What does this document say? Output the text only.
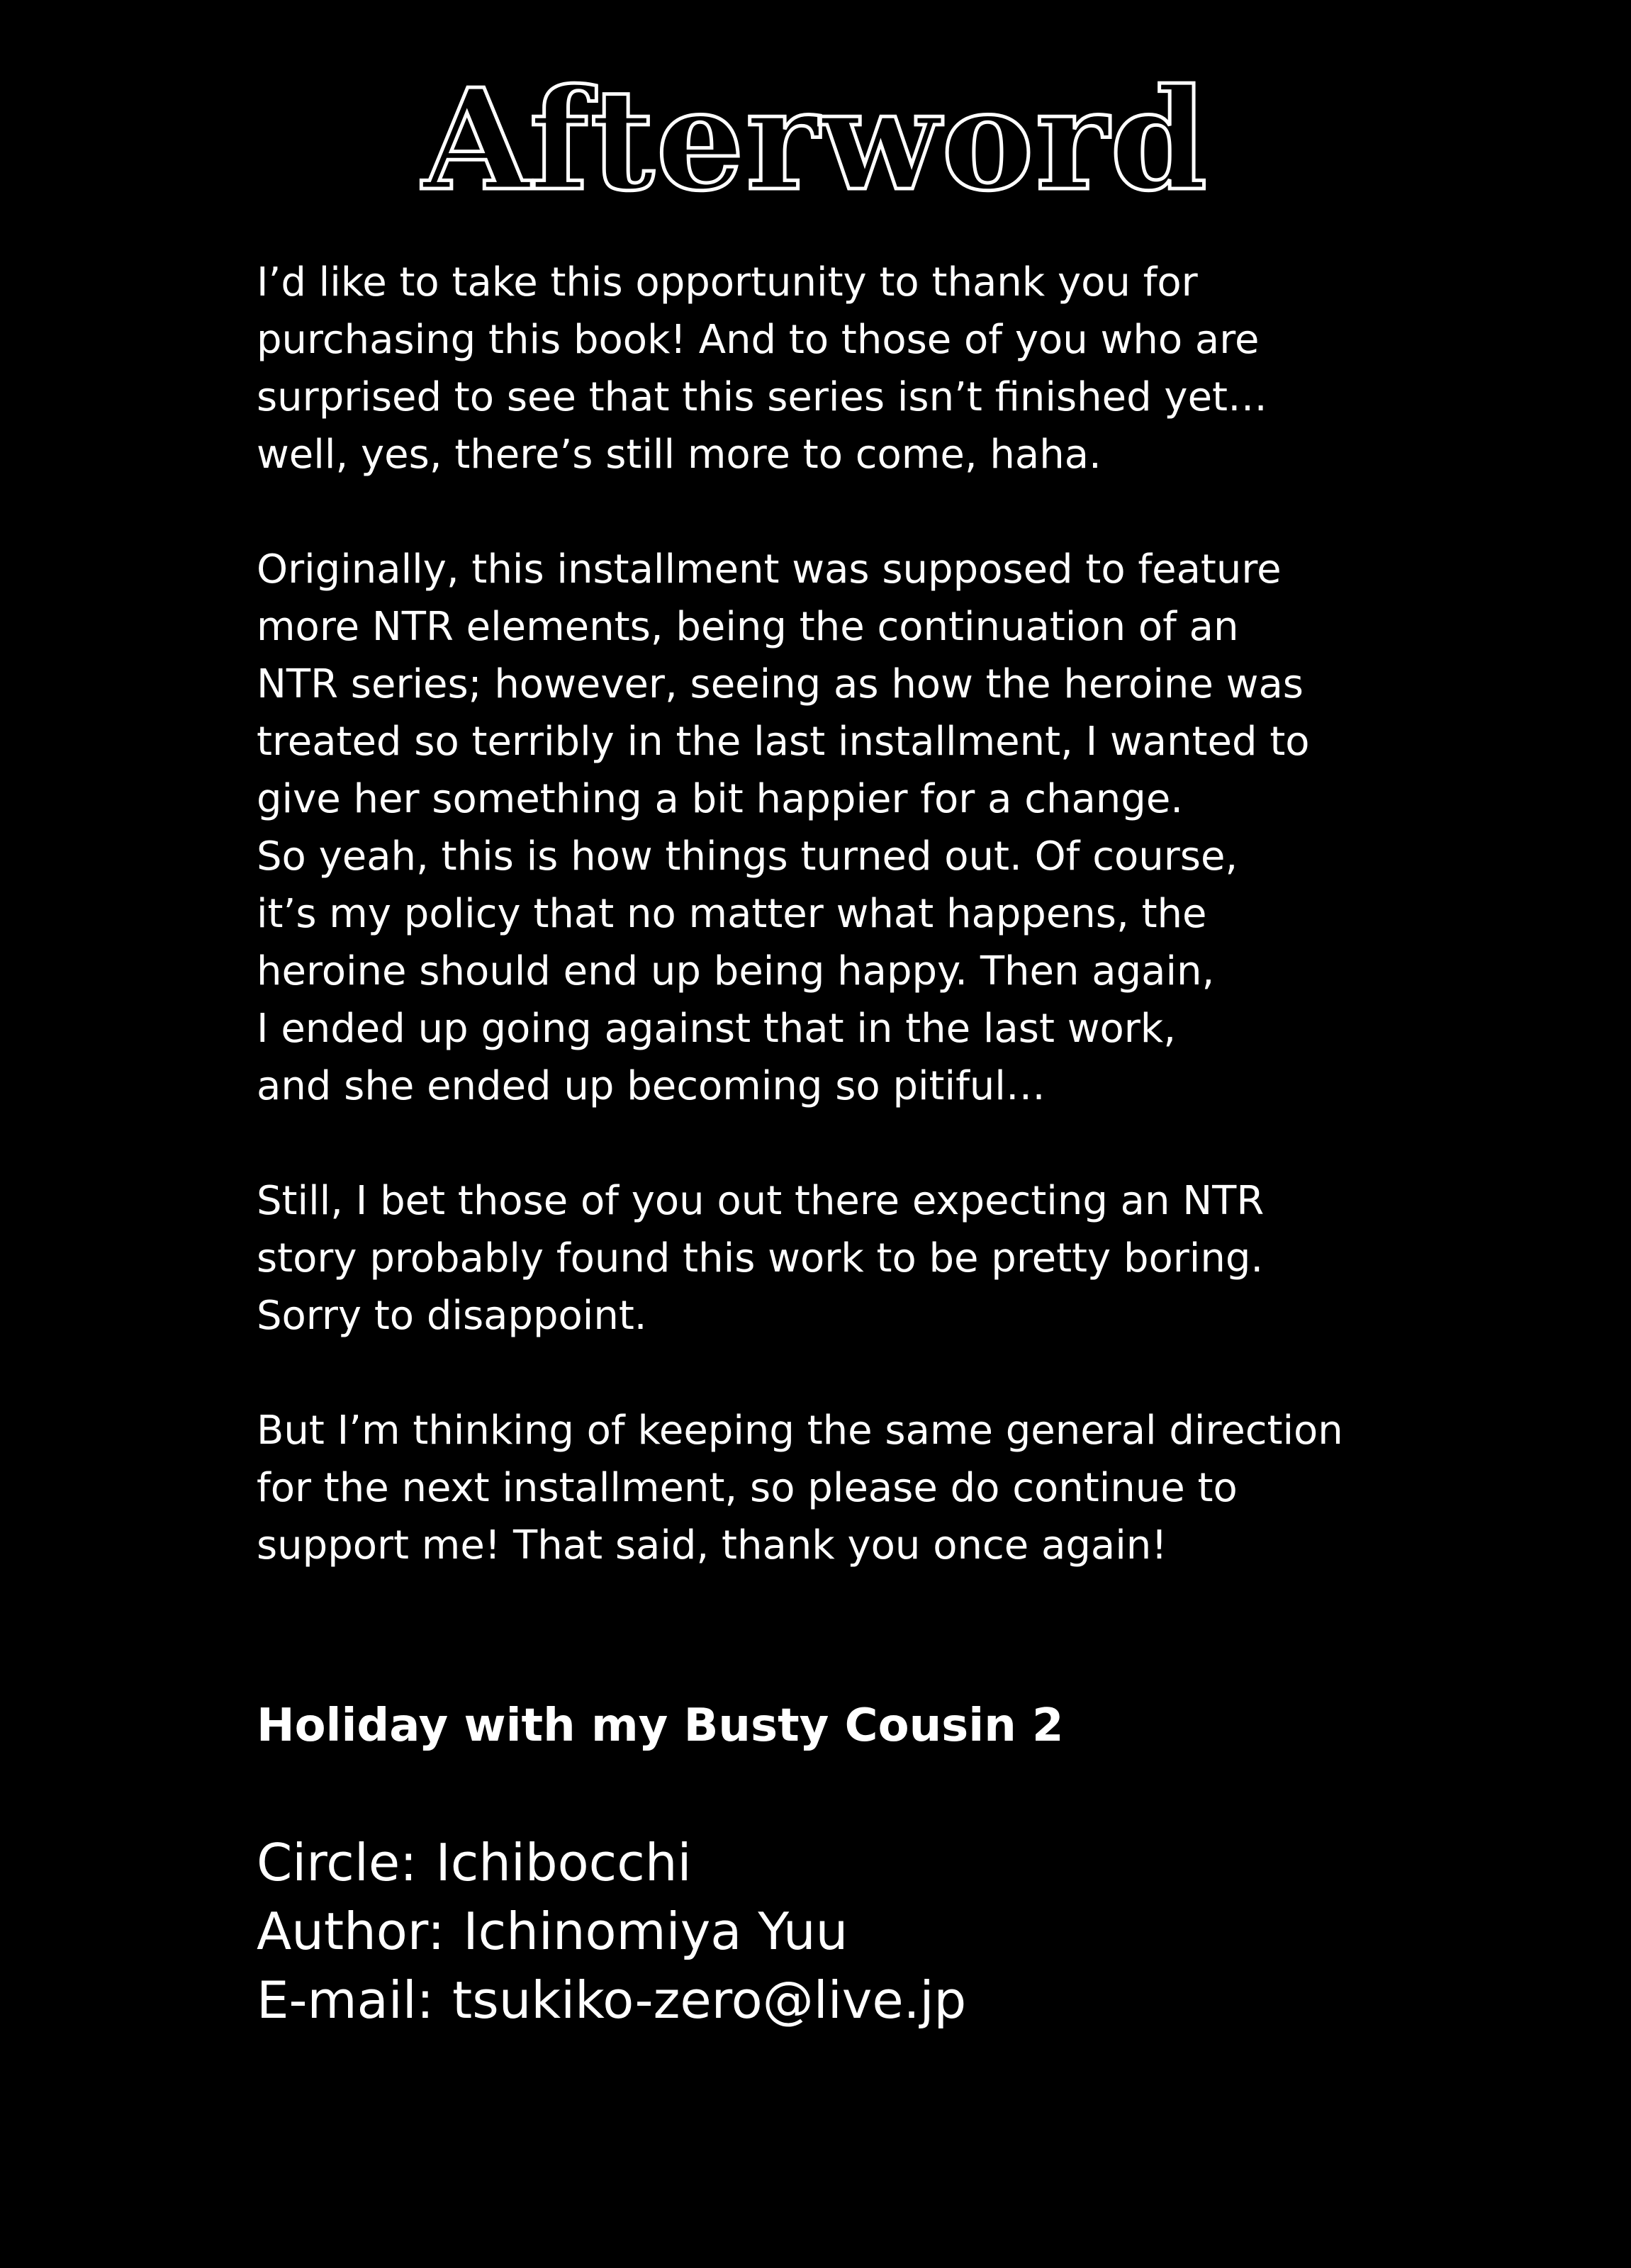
Afterword

I’d like to take this opportunity to thank you for
purchasing this book! And to those of you who are
surprised to see that this series isn’t finished yet…
well, yes, there’s still more to come, haha.

Originally, this installment was supposed to feature
more NTR elements, being the continuation of an
NTR series; however, seeing as how the heroine was
treated so terribly in the last installment, I wanted to
give her something a bit happier for a change.
So yeah, this is how things turned out. Of course,
it’s my policy that no matter what happens, the
heroine should end up being happy. Then again,
I ended up going against that in the last work,
and she ended up becoming so pitiful…

Still, I bet those of you out there expecting an NTR
story probably found this work to be pretty boring.
Sorry to disappoint.

But I’m thinking of keeping the same general direction
for the next installment, so please do continue to
support me! That said, thank you once again!

Holiday with my Busty Cousin 2
Circle: Ichibocchi
Author: Ichinomiya Yuu
E-mail: tsukiko-zero@live.jp
